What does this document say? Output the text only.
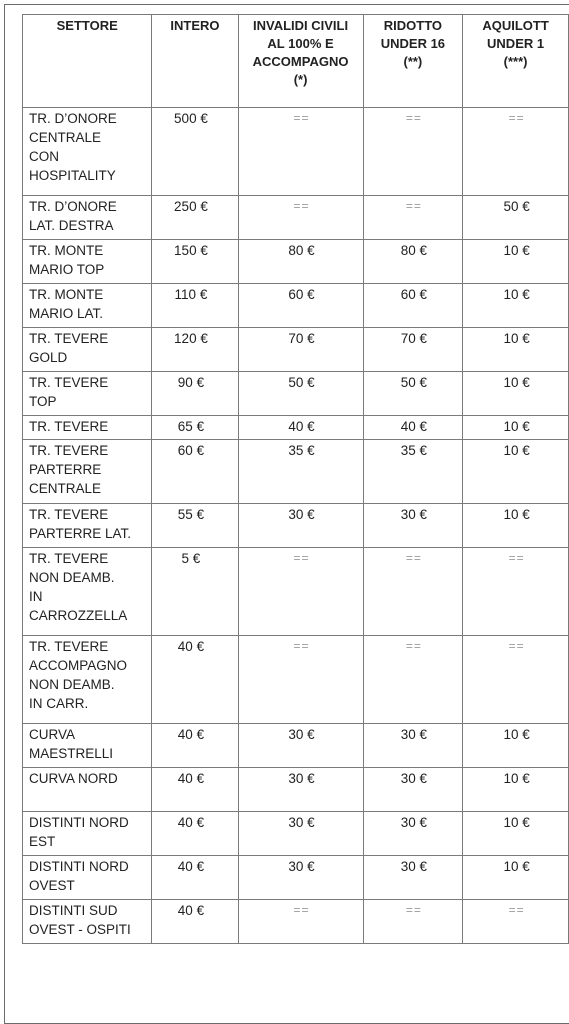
SETTORE	INTERO	INVALIDI CIVILI
AL 100% E
ACCOMPAGNO
(*)	RIDOTTO
UNDER 16
(**)	AQUILOTT
UNDER 1
(***)
TR. D’ONORE
CENTRALE
CON
HOSPITALITY	500 €	==	==	==
TR. D’ONORE
LAT. DESTRA	250 €	==	==	50 €
TR. MONTE
MARIO TOP	150 €	80 €	80 €	10 €
TR. MONTE
MARIO LAT.	110 €	60 €	60 €	10 €
TR. TEVERE
GOLD	120 €	70 €	70 €	10 €
TR. TEVERE
TOP	90 €	50 €	50 €	10 €
TR. TEVERE	65 €	40 €	40 €	10 €
TR. TEVERE
PARTERRE
CENTRALE	60 €	35 €	35 €	10 €
TR. TEVERE
PARTERRE LAT.	55 €	30 €	30 €	10 €
TR. TEVERE
NON DEAMB.
IN
CARROZZELLA	5 €	==	==	==
TR. TEVERE
ACCOMPAGNO
NON DEAMB.
IN CARR.	40 €	==	==	==
CURVA
MAESTRELLI	40 €	30 €	30 €	10 €
CURVA NORD	40 €	30 €	30 €	10 €
DISTINTI NORD
EST	40 €	30 €	30 €	10 €
DISTINTI NORD
OVEST	40 €	30 €	30 €	10 €
DISTINTI SUD
OVEST - OSPITI	40 €	==	==	==
